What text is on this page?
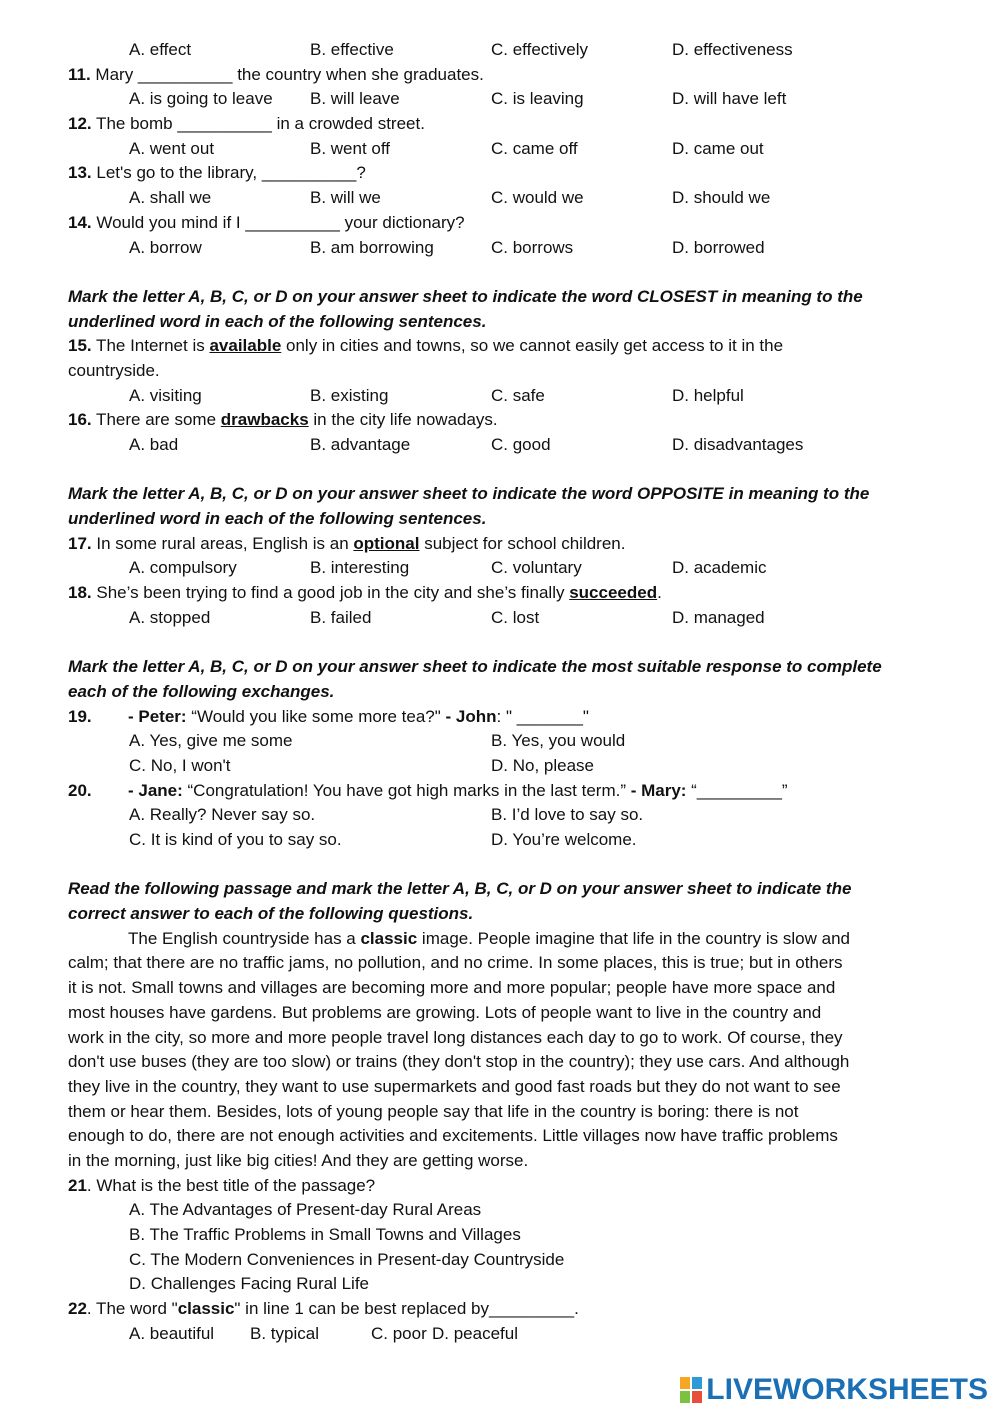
A. effect	B. effective	C. effectively	D. effectiveness
11. Mary __________ the country when she graduates.
A. is going to leave	B. will leave	C. is leaving	D. will have left
12. The bomb __________ in a crowded street.
A. went out	B. went off	C. came off	D. came out
13. Let's go to the library, __________?
A. shall we	B. will we	C. would we	D. should we
14. Would you mind if I __________ your dictionary?
A. borrow	B. am borrowing	C. borrows	D. borrowed
Mark the letter A, B, C, or D on your answer sheet to indicate the word CLOSEST in meaning to the
underlined word in each of the following sentences.
15. The Internet is available only in cities and towns, so we cannot easily get access to it in the
countryside.
A. visiting	B. existing	C. safe	D. helpful
16. There are some drawbacks in the city life nowadays.
A. bad	B. advantage	C. good	D. disadvantages
Mark the letter A, B, C, or D on your answer sheet to indicate the word OPPOSITE in meaning to the
underlined word in each of the following sentences.
17. In some rural areas, English is an optional subject for school children.
A. compulsory	B. interesting	C. voluntary	D. academic
18. She’s been trying to find a good job in the city and she’s finally succeeded.
A. stopped	B. failed	C. lost	D. managed
Mark the letter A, B, C, or D on your answer sheet to indicate the most suitable response to complete
each of the following exchanges.
19. - Peter: “Would you like some more tea?" - John: " _______"
A. Yes, give me some	B. Yes, you would
C. No, I won't	D. No, please
20. - Jane: “Congratulation! You have got high marks in the last term.” - Mary: “_________”
A. Really? Never say so.	B. I’d love to say so.
C. It is kind of you to say so.	D. You’re welcome.
Read the following passage and mark the letter A, B, C, or D on your answer sheet to indicate the
correct answer to each of the following questions.
The English countryside has a classic image. People imagine that life in the country is slow and
calm; that there are no traffic jams, no pollution, and no crime. In some places, this is true; but in others
it is not. Small towns and villages are becoming more and more popular; people have more space and
most houses have gardens. But problems are growing. Lots of people want to live in the country and
work in the city, so more and more people travel long distances each day to go to work. Of course, they
don't use buses (they are too slow) or trains (they don't stop in the country); they use cars. And although
they live in the country, they want to use supermarkets and good fast roads but they do not want to see
them or hear them. Besides, lots of young people say that life in the country is boring: there is not
enough to do, there are not enough activities and excitements. Little villages now have traffic problems
in the morning, just like big cities! And they are getting worse.
21. What is the best title of the passage?
A. The Advantages of Present-day Rural Areas
B. The Traffic Problems in Small Towns and Villages
C. The Modern Conveniences in Present-day Countryside
D. Challenges Facing Rural Life
22. The word "classic" in line 1 can be best replaced by_________.
A. beautiful	B. typical	C. poor D. peaceful
LIVEWORKSHEETS
